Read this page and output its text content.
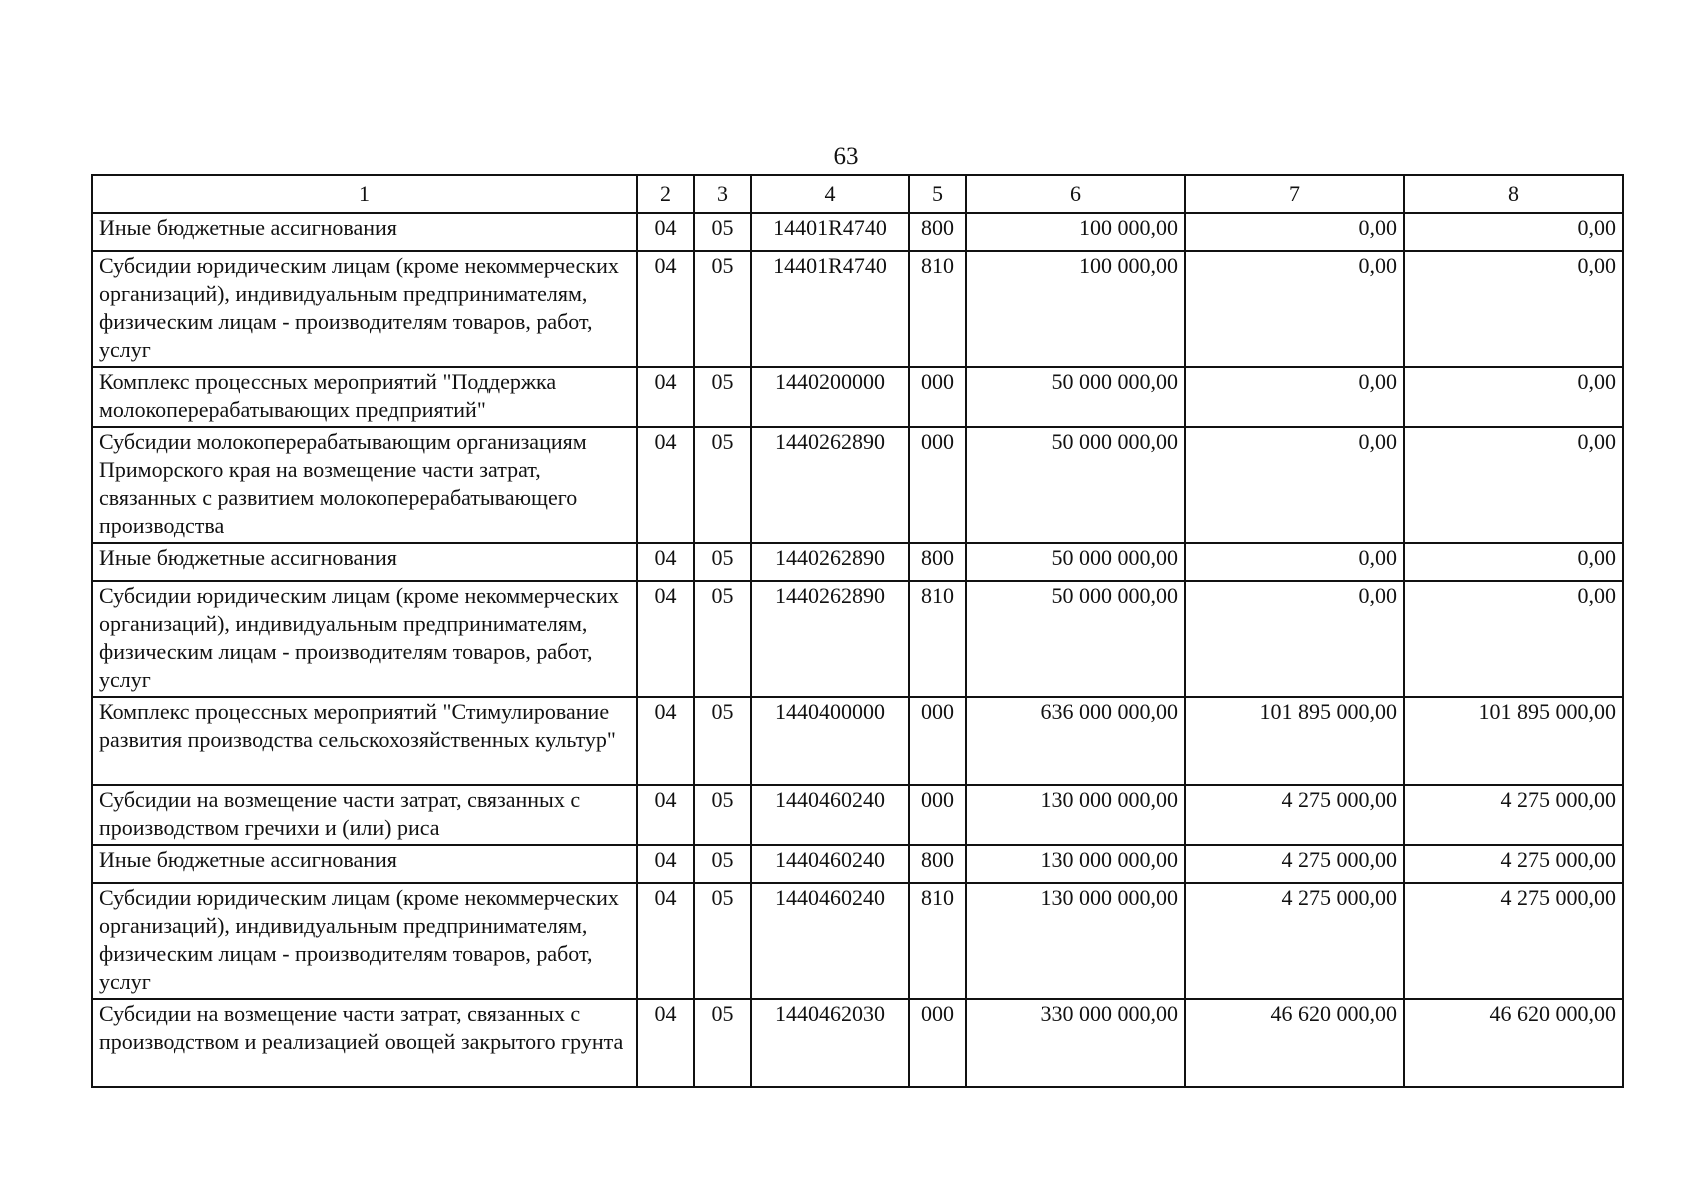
63
1	2	3	4	5	6	7	8
Иные бюджетные ассигнования	04	05	14401R4740	800	100 000,00	0,00	0,00
Субсидии юридическим лицам (кроме некоммерческих организаций), индивидуальным предпринимателям, физическим лицам - производителям товаров, работ, услуг	04	05	14401R4740	810	100 000,00	0,00	0,00
Комплекс процессных мероприятий "Поддержка молокоперерабатывающих предприятий"	04	05	1440200000	000	50 000 000,00	0,00	0,00
Субсидии молокоперерабатывающим организациям Приморского края на возмещение части затрат, связанных с развитием молокоперерабатывающего производства	04	05	1440262890	000	50 000 000,00	0,00	0,00
Иные бюджетные ассигнования	04	05	1440262890	800	50 000 000,00	0,00	0,00
Субсидии юридическим лицам (кроме некоммерческих организаций), индивидуальным предпринимателям, физическим лицам - производителям товаров, работ, услуг	04	05	1440262890	810	50 000 000,00	0,00	0,00
Комплекс процессных мероприятий "Стимулирование развития производства сельскохозяйственных культур"	04	05	1440400000	000	636 000 000,00	101 895 000,00	101 895 000,00
Субсидии на возмещение части затрат, связанных с производством гречихи и (или) риса	04	05	1440460240	000	130 000 000,00	4 275 000,00	4 275 000,00
Иные бюджетные ассигнования	04	05	1440460240	800	130 000 000,00	4 275 000,00	4 275 000,00
Субсидии юридическим лицам (кроме некоммерческих организаций), индивидуальным предпринимателям, физическим лицам - производителям товаров, работ, услуг	04	05	1440460240	810	130 000 000,00	4 275 000,00	4 275 000,00
Субсидии на возмещение части затрат, связанных с производством и реализацией овощей закрытого грунта	04	05	1440462030	000	330 000 000,00	46 620 000,00	46 620 000,00
